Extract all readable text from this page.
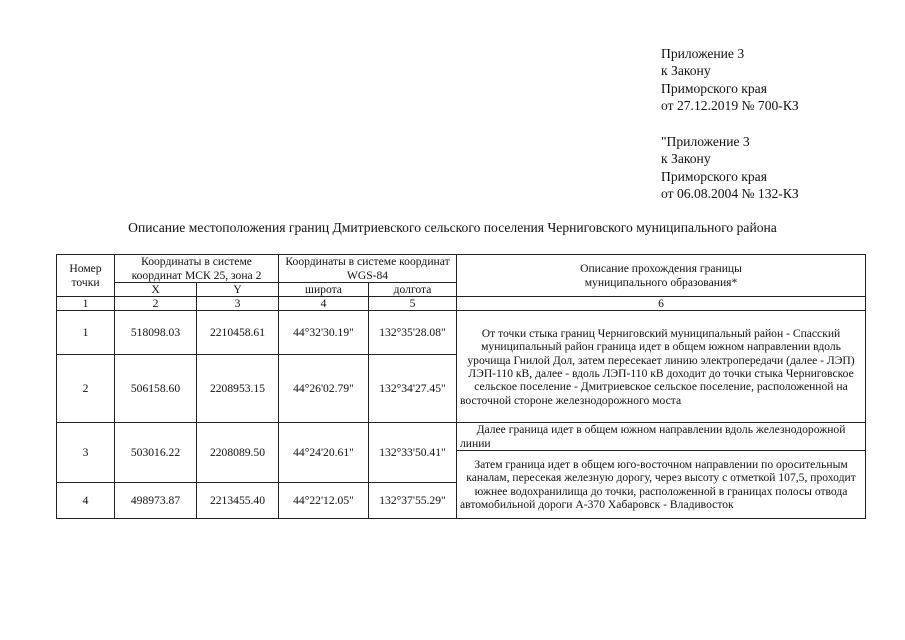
Приложение 3
к Закону
Приморского края
от 27.12.2019 № 700-КЗ
"Приложение 3
к Закону
Приморского края
от 06.08.2004 № 132-КЗ
Описание местоположения границ Дмитриевского сельского поселения Черниговского муниципального района
Номер точки	Координаты в системе координат МСК 25, зона 2		Координаты в системе координат WGS-84		Описание прохождения границы муниципального образования*
	X	Y	широта	долгота	
1	2	3	4	5	6
1	518098.03	2210458.61	44°32'30.19"	132°35'28.08"	От точки стыка границ Черниговский муниципальный район - Спасский муниципальный район граница идет в общем южном направлении вдоль урочища Гнилой Дол, затем пересекает линию электропередачи (далее - ЛЭП) ЛЭП-110 кВ, далее - вдоль ЛЭП-110 кВ доходит до точки стыка Черниговское сельское поселение - Дмитриевское сельское поселение, расположенной на восточной стороне железнодорожного моста
2	506158.60	2208953.15	44°26'02.79"	132°34'27.45"	
					Далее граница идет в общем южном направлении вдоль железнодорожной линии
3	503016.22	2208089.50	44°24'20.61"	132°33'50.41"	
					Затем граница идет в общем юго-восточном направлении по оросительным каналам, пересекая железную дорогу, через высоту с отметкой 107,5, проходит южнее водохранилища до точки, расположенной в границах полосы отвода автомобильной дороги А-370 Хабаровск - Владивосток
4	498973.87	2213455.40	44°22'12.05"	132°37'55.29"	
